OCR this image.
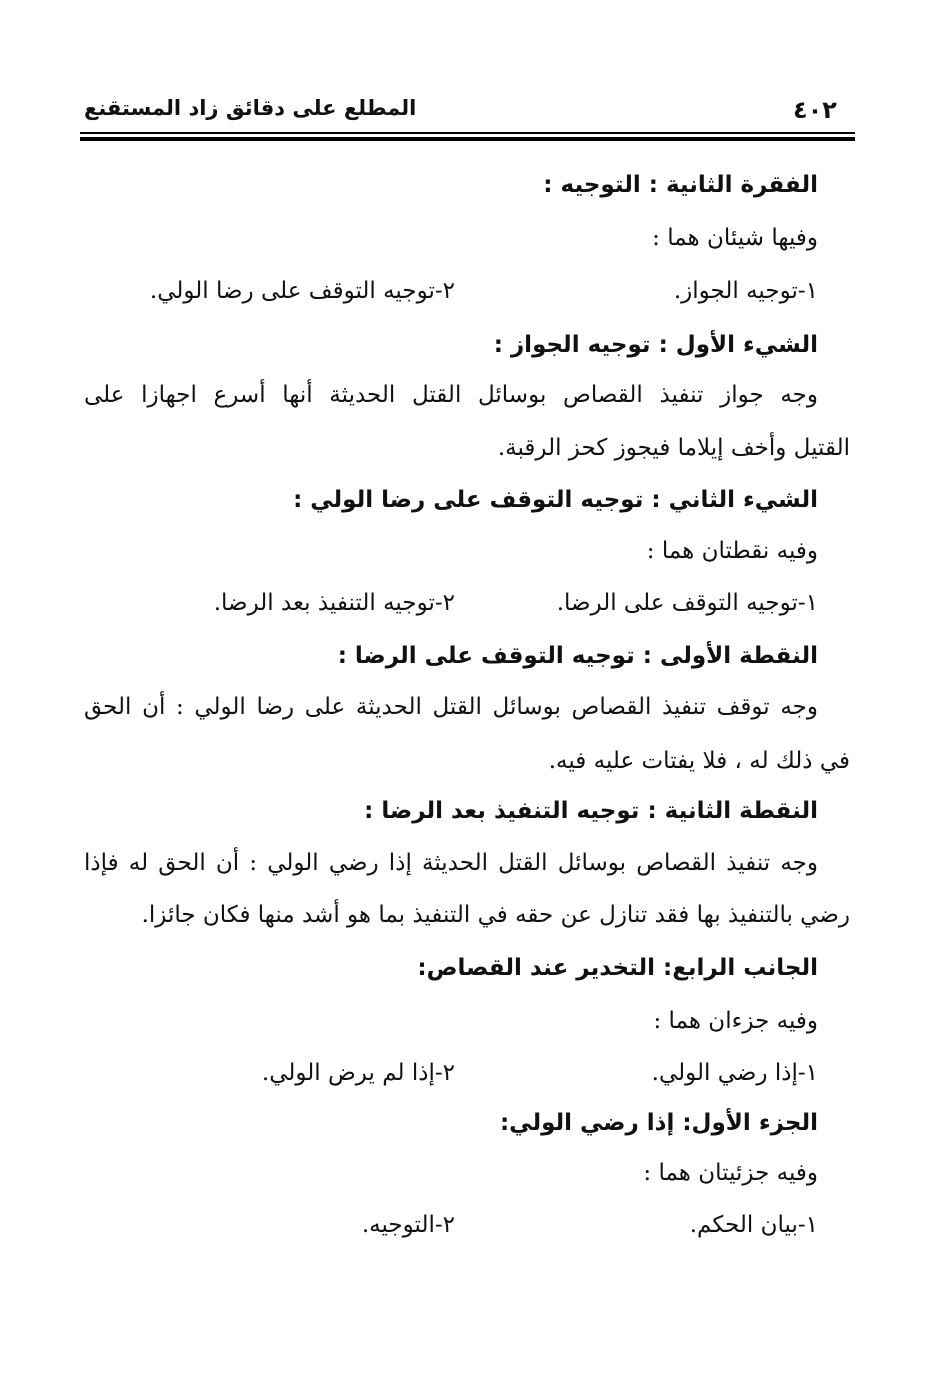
٤٠٢
المطلع على دقائق زاد المستقنع
الفقرة الثانية : التوجيه :
وفيها شيئان هما :
١-توجيه الجواز.
٢-توجيه التوقف على رضا الولي.
الشيء الأول : توجيه الجواز :
وجه جواز تنفيذ القصاص بوسائل القتل الحديثة أنها أسرع اجهازا على
القتيل وأخف إيلاما فيجوز كحز الرقبة.
الشيء الثاني : توجيه التوقف على رضا الولي :
وفيه نقطتان هما :
١-توجيه التوقف على الرضا.
٢-توجيه التنفيذ بعد الرضا.
النقطة الأولى : توجيه التوقف على الرضا :
وجه توقف تنفيذ القصاص بوسائل القتل الحديثة على رضا الولي : أن الحق
في ذلك له ، فلا يفتات عليه فيه.
النقطة الثانية : توجيه التنفيذ بعد الرضا :
وجه تنفيذ القصاص بوسائل القتل الحديثة إذا رضي الولي : أن الحق له فإذا
رضي بالتنفيذ بها فقد تنازل عن حقه في التنفيذ بما هو أشد منها فكان جائزا.
الجانب الرابع: التخدير عند القصاص:
وفيه جزءان هما :
١-إذا رضي الولي.
٢-إذا لم يرض الولي.
الجزء الأول: إذا رضي الولي:
وفيه جزئيتان هما :
١-بيان الحكم.
٢-التوجيه.
